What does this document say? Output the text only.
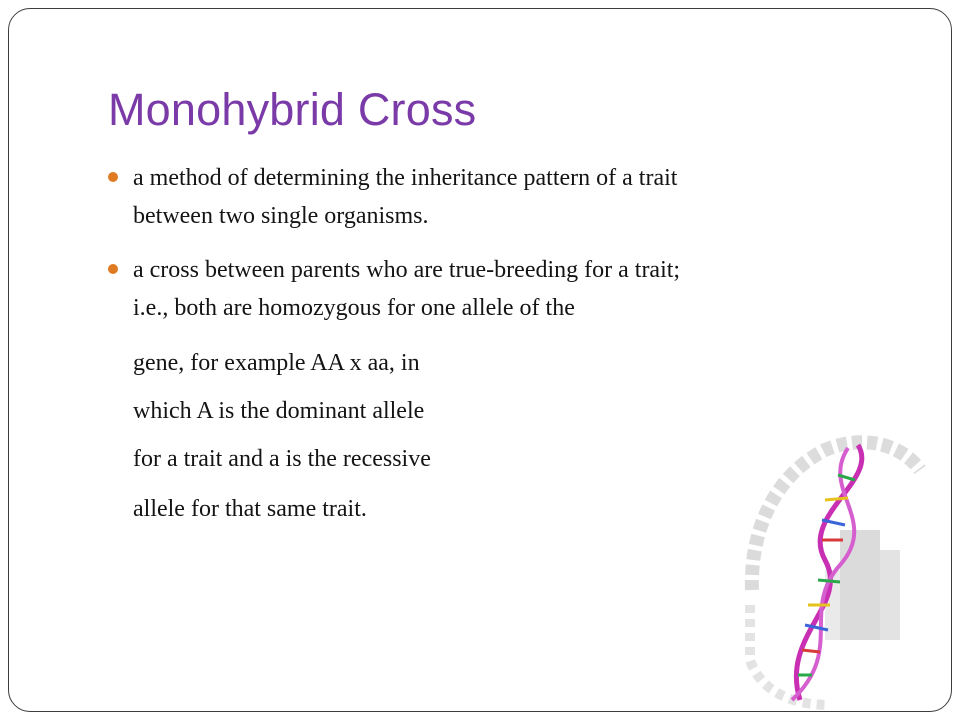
Monohybrid Cross

a method of determining the inheritance pattern of a trait

between two single organisms.

a cross between parents who are true-breeding for a trait;

i.e., both are homozygous for one allele of the

gene, for example AA x aa, in

which A is the dominant allele

for a trait and a is the recessive

allele for that same trait.
